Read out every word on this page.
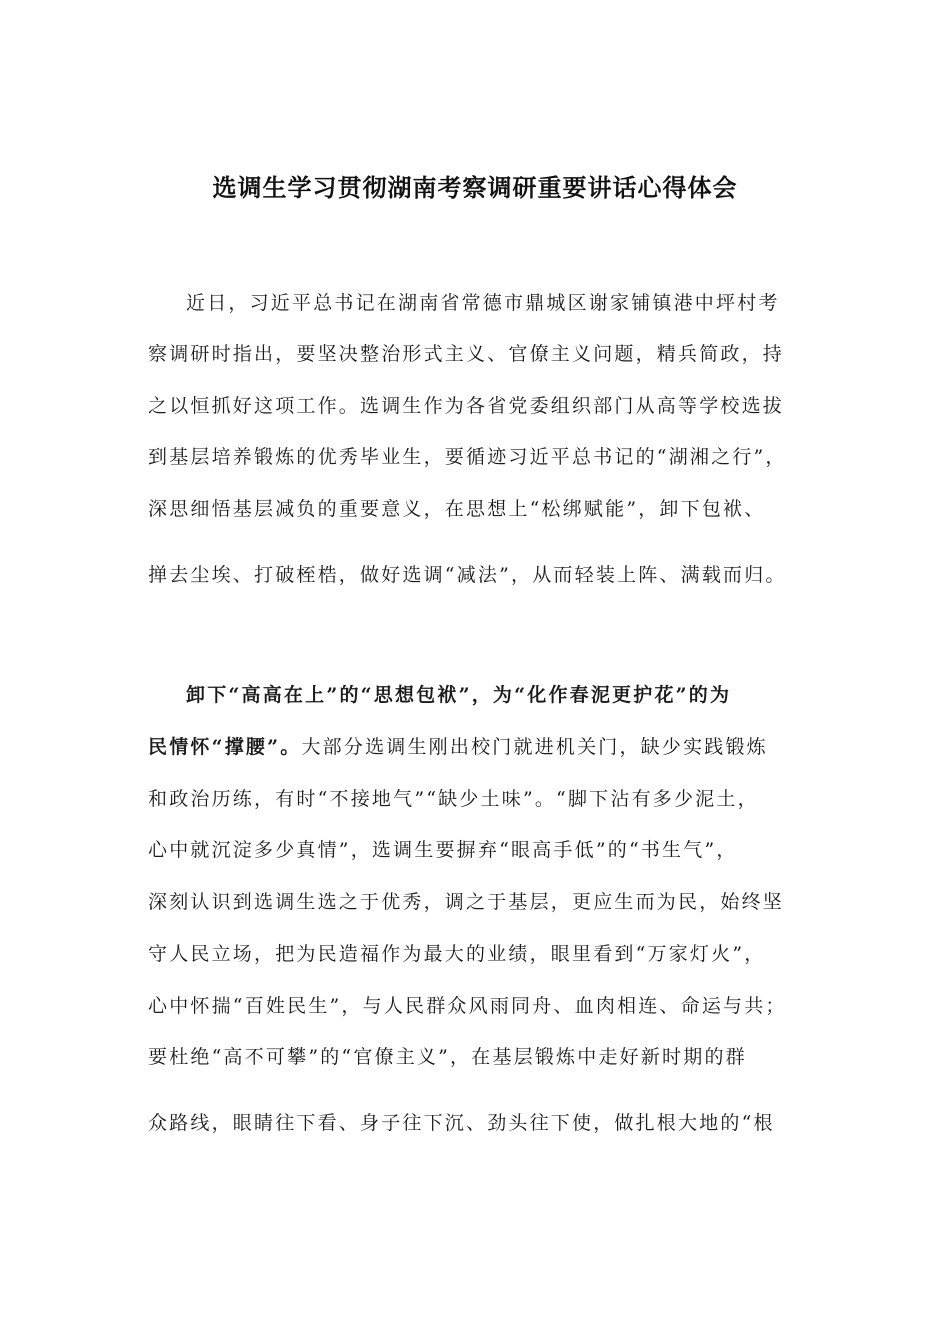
选调生学习贯彻湖南考察调研重要讲话心得体会
近日，习近平总书记在湖南省常德市鼎城区谢家铺镇港中坪村考
察调研时指出，要坚决整治形式主义、官僚主义问题，精兵简政，持
之以恒抓好这项工作。选调生作为各省党委组织部门从高等学校选拔
到基层培养锻炼的优秀毕业生，要循迹习近平总书记的“湖湘之行”，
深思细悟基层减负的重要意义，在思想上“松绑赋能”，卸下包袱、
掸去尘埃、打破桎梏，做好选调“减法”，从而轻装上阵、满载而归。
卸下“高高在上”的“思想包袱”，为“化作春泥更护花”的为
民情怀“撑腰”。大部分选调生刚出校门就进机关门，缺少实践锻炼
和政治历练，有时“不接地气”“缺少土味”。“脚下沾有多少泥土，
心中就沉淀多少真情”，选调生要摒弃“眼高手低”的“书生气”，
深刻认识到选调生选之于优秀，调之于基层，更应生而为民，始终坚
守人民立场，把为民造福作为最大的业绩，眼里看到“万家灯火”，
心中怀揣“百姓民生”，与人民群众风雨同舟、血肉相连、命运与共；
要杜绝“高不可攀”的“官僚主义”，在基层锻炼中走好新时期的群
众路线，眼睛往下看、身子往下沉、劲头往下使，做扎根大地的“根
